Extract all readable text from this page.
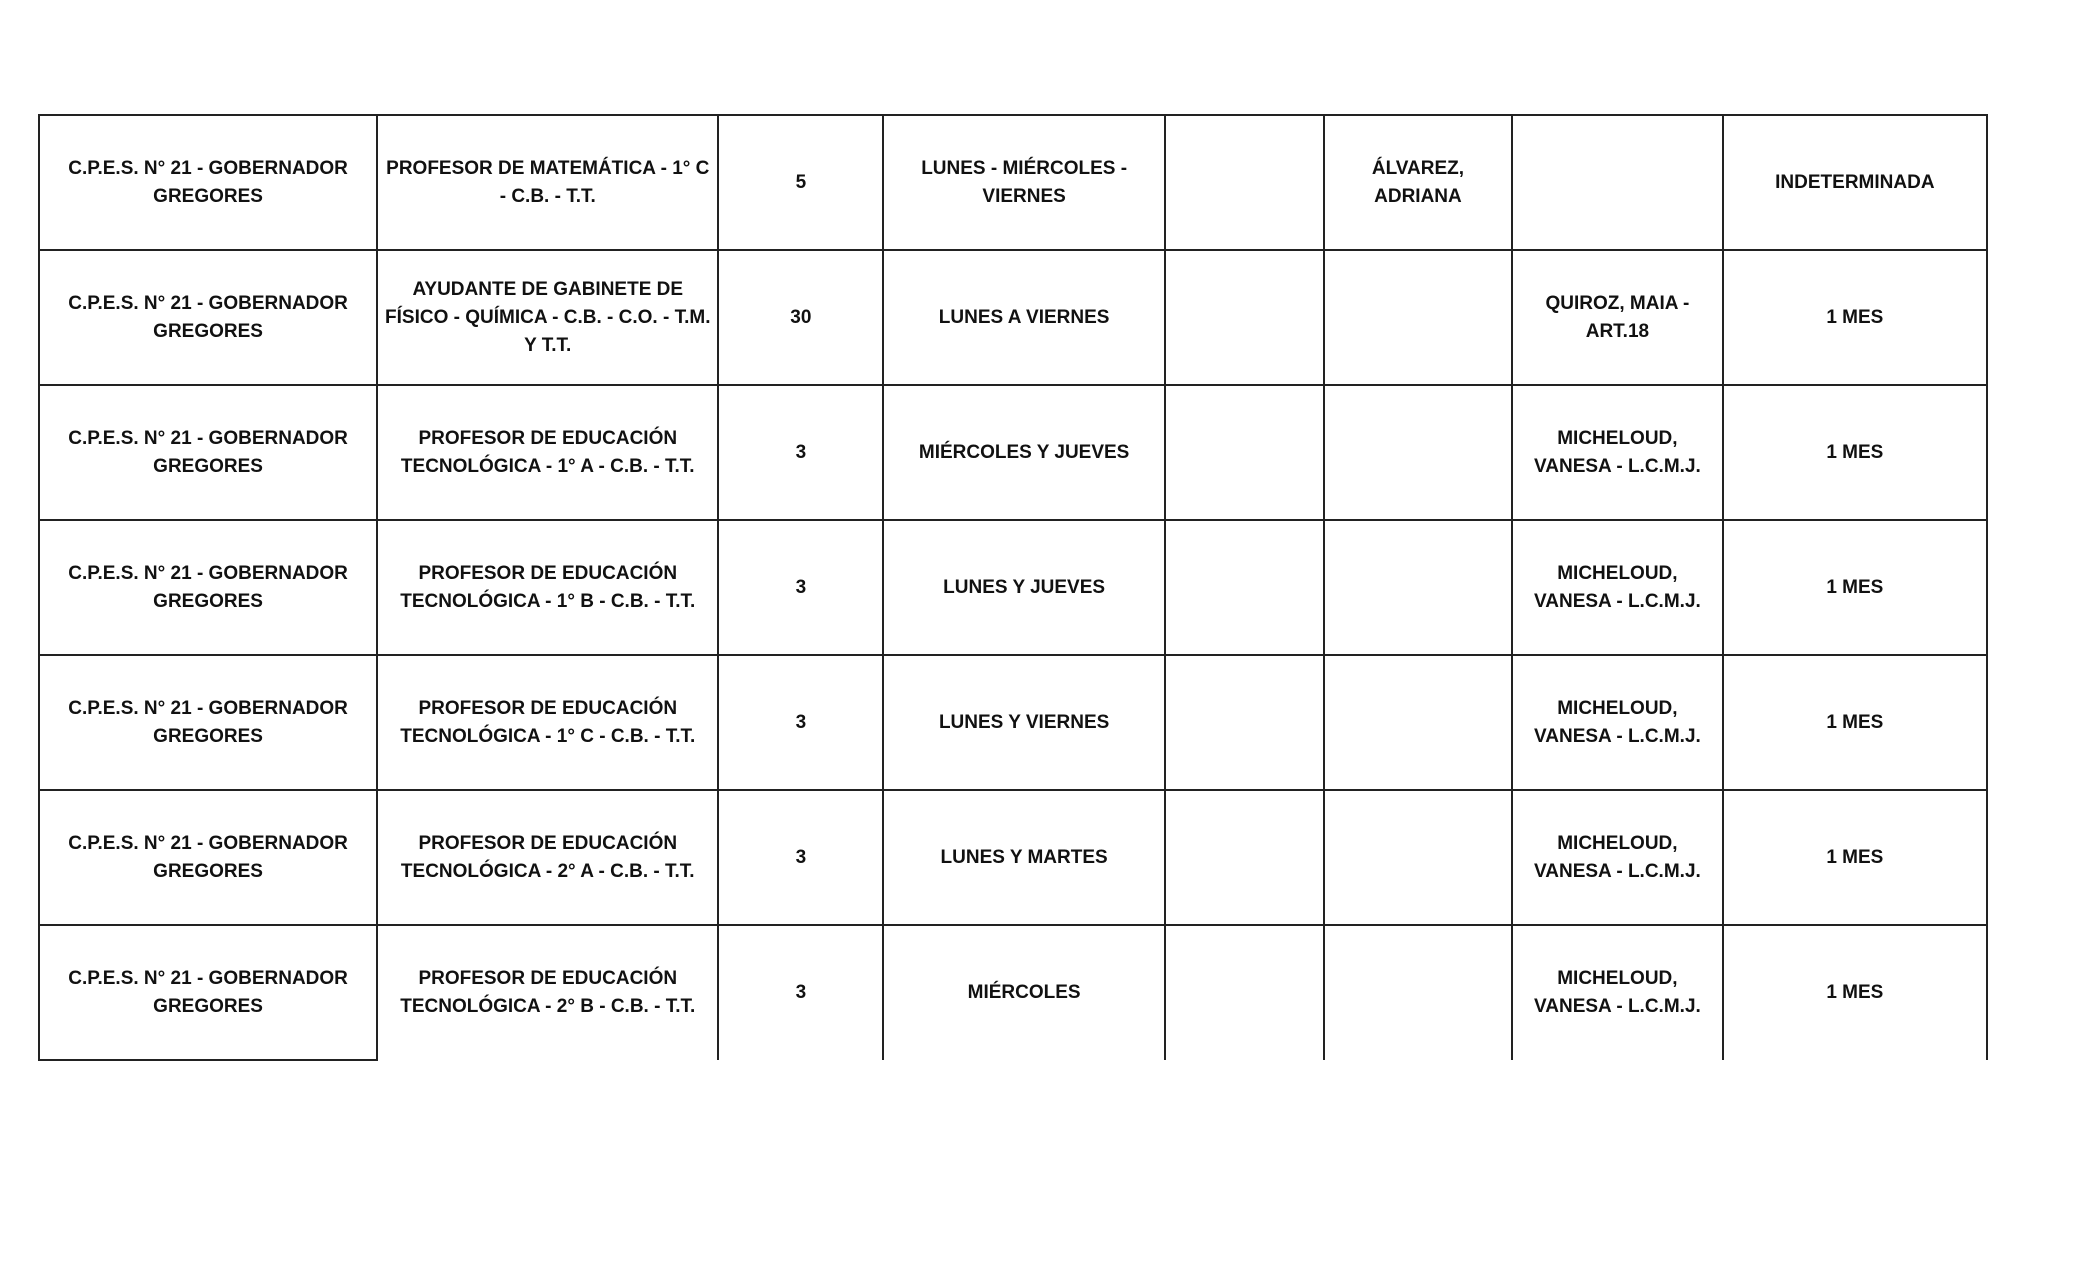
C.P.E.S. N° 21 - GOBERNADOR GREGORES	PROFESOR DE MATEMÁTICA - 1° C - C.B. - T.T.	5	LUNES - MIÉRCOLES - VIERNES		ÁLVAREZ, ADRIANA		INDETERMINADA
C.P.E.S. N° 21 - GOBERNADOR GREGORES	AYUDANTE DE GABINETE DE FÍSICO - QUÍMICA - C.B. - C.O. - T.M. Y T.T.	30	LUNES A VIERNES			QUIROZ, MAIA - ART.18	1 MES
C.P.E.S. N° 21 - GOBERNADOR GREGORES	PROFESOR DE EDUCACIÓN TECNOLÓGICA - 1° A - C.B. - T.T.	3	MIÉRCOLES Y JUEVES			MICHELOUD, VANESA - L.C.M.J.	1 MES
C.P.E.S. N° 21 - GOBERNADOR GREGORES	PROFESOR DE EDUCACIÓN TECNOLÓGICA - 1° B - C.B. - T.T.	3	LUNES Y JUEVES			MICHELOUD, VANESA - L.C.M.J.	1 MES
C.P.E.S. N° 21 - GOBERNADOR GREGORES	PROFESOR DE EDUCACIÓN TECNOLÓGICA - 1° C - C.B. - T.T.	3	LUNES Y VIERNES			MICHELOUD, VANESA - L.C.M.J.	1 MES
C.P.E.S. N° 21 - GOBERNADOR GREGORES	PROFESOR DE EDUCACIÓN TECNOLÓGICA - 2° A - C.B. - T.T.	3	LUNES Y MARTES			MICHELOUD, VANESA - L.C.M.J.	1 MES
C.P.E.S. N° 21 - GOBERNADOR GREGORES	PROFESOR DE EDUCACIÓN TECNOLÓGICA - 2° B - C.B. - T.T.	3	MIÉRCOLES			MICHELOUD, VANESA - L.C.M.J.	1 MES
